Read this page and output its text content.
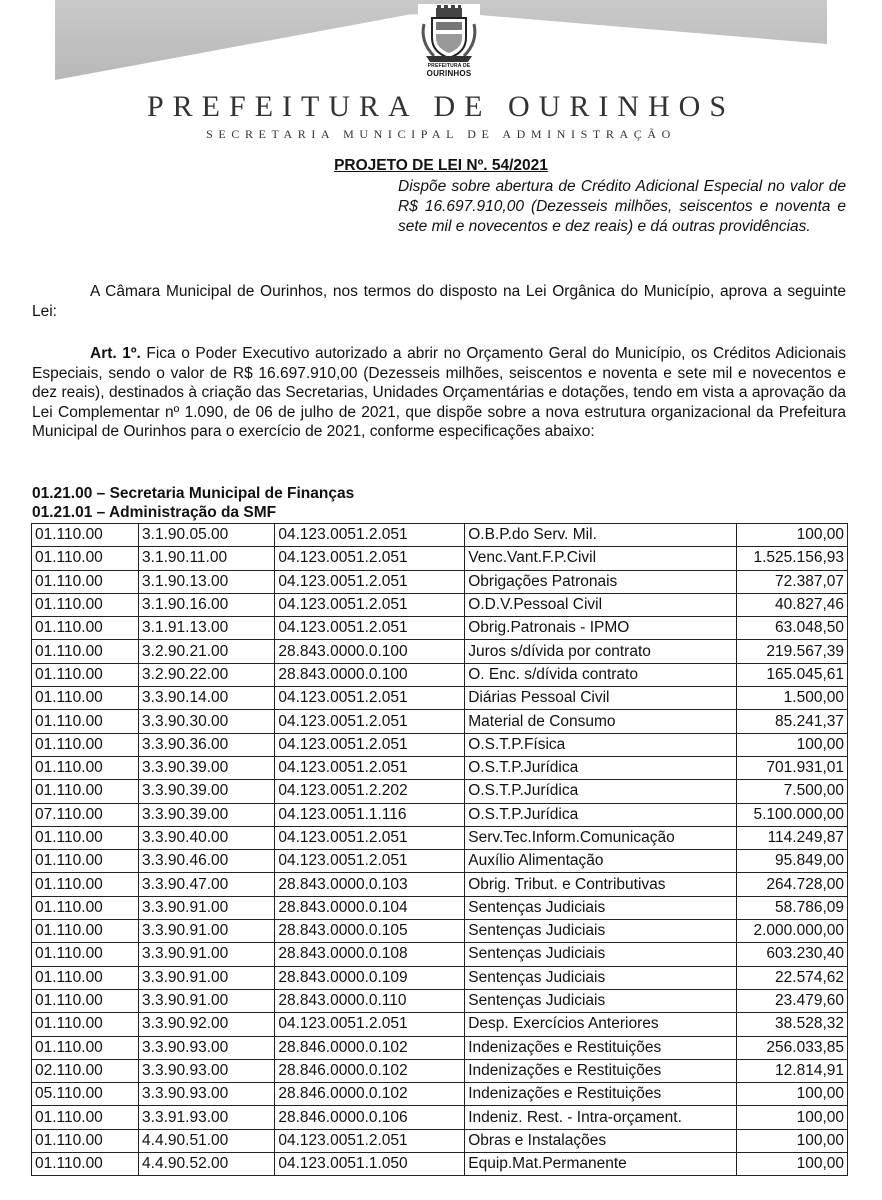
PREFEITURA DE
OURINHOS
PREFEITURA DE OURINHOS
SECRETARIA MUNICIPAL DE ADMINISTRAÇÃO
PROJETO DE LEI Nº. 54/2021
Dispõe sobre abertura de Crédito Adicional Especial no valor de R$ 16.697.910,00 (Dezesseis milhões, seiscentos e noventa e sete mil e novecentos e dez reais) e dá outras providências.
A Câmara Municipal de Ourinhos, nos termos do disposto na Lei Orgânica do Município, aprova a seguinte Lei:
Art. 1º. Fica o Poder Executivo autorizado a abrir no Orçamento Geral do Município, os Créditos Adicionais Especiais, sendo o valor de R$ 16.697.910,00 (Dezesseis milhões, seiscentos e noventa e sete mil e novecentos e dez reais), destinados à criação das Secretarias, Unidades Orçamentárias e dotações, tendo em vista a aprovação da Lei Complementar nº 1.090, de 06 de julho de 2021, que dispõe sobre a nova estrutura organizacional da Prefeitura Municipal de Ourinhos para o exercício de 2021, conforme especificações abaixo:
01.21.00 – Secretaria Municipal de Finanças
01.21.01 – Administração da SMF
01.110.00	3.1.90.05.00	04.123.0051.2.051	O.B.P.do Serv. Mil.	100,00
01.110.00	3.1.90.11.00	04.123.0051.2.051	Venc.Vant.F.P.Civil	1.525.156,93
01.110.00	3.1.90.13.00	04.123.0051.2.051	Obrigações Patronais	72.387,07
01.110.00	3.1.90.16.00	04.123.0051.2.051	O.D.V.Pessoal Civil	40.827,46
01.110.00	3.1.91.13.00	04.123.0051.2.051	Obrig.Patronais - IPMO	63.048,50
01.110.00	3.2.90.21.00	28.843.0000.0.100	Juros s/dívida por contrato	219.567,39
01.110.00	3.2.90.22.00	28.843.0000.0.100	O. Enc. s/dívida contrato	165.045,61
01.110.00	3.3.90.14.00	04.123.0051.2.051	Diárias Pessoal Civil	1.500,00
01.110.00	3.3.90.30.00	04.123.0051.2.051	Material de Consumo	85.241,37
01.110.00	3.3.90.36.00	04.123.0051.2.051	O.S.T.P.Física	100,00
01.110.00	3.3.90.39.00	04.123.0051.2.051	O.S.T.P.Jurídica	701.931,01
01.110.00	3.3.90.39.00	04.123.0051.2.202	O.S.T.P.Jurídica	7.500,00
07.110.00	3.3.90.39.00	04.123.0051.1.116	O.S.T.P.Jurídica	5.100.000,00
01.110.00	3.3.90.40.00	04.123.0051.2.051	Serv.Tec.Inform.Comunicação	114.249,87
01.110.00	3.3.90.46.00	04.123.0051.2.051	Auxílio Alimentação	95.849,00
01.110.00	3.3.90.47.00	28.843.0000.0.103	Obrig. Tribut. e Contributivas	264.728,00
01.110.00	3.3.90.91.00	28.843.0000.0.104	Sentenças Judiciais	58.786,09
01.110.00	3.3.90.91.00	28.843.0000.0.105	Sentenças Judiciais	2.000.000,00
01.110.00	3.3.90.91.00	28.843.0000.0.108	Sentenças Judiciais	603.230,40
01.110.00	3.3.90.91.00	28.843.0000.0.109	Sentenças Judiciais	22.574,62
01.110.00	3.3.90.91.00	28.843.0000.0.110	Sentenças Judiciais	23.479,60
01.110.00	3.3.90.92.00	04.123.0051.2.051	Desp. Exercícios Anteriores	38.528,32
01.110.00	3.3.90.93.00	28.846.0000.0.102	Indenizações e Restituições	256.033,85
02.110.00	3.3.90.93.00	28.846.0000.0.102	Indenizações e Restituições	12.814,91
05.110.00	3.3.90.93.00	28.846.0000.0.102	Indenizações e Restituições	100,00
01.110.00	3.3.91.93.00	28.846.0000.0.106	Indeniz. Rest. - Intra-orçament.	100,00
01.110.00	4.4.90.51.00	04.123.0051.2.051	Obras e Instalações	100,00
01.110.00	4.4.90.52.00	04.123.0051.1.050	Equip.Mat.Permanente	100,00
